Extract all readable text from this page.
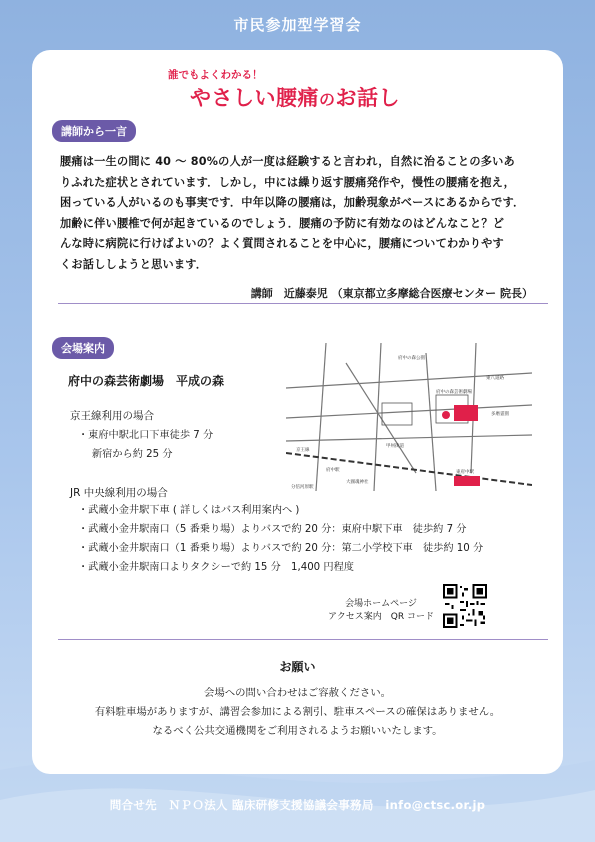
市民参加型学習会
誰でもよくわかる！
やさしい腰痛のお話し
講師から一言
腰痛は一生の間に 40 ～ 80%の人が一度は経験すると言われ，自然に治ることの多いあ
りふれた症状とされています．しかし，中には繰り返す腰痛発作や，慢性の腰痛を抱え，
困っている人がいるのも事実です．中年以降の腰痛は，加齢現象がベースにあるからです．
加齢に伴い腰椎で何が起きているのでしょう．腰痛の予防に有効なのはどんなこと？ど
んな時に病院に行けばよいの？よく質問されることを中心に，腰痛についてわかりやす
くお話ししようと思います．
講師　近藤泰児 （東京都立多摩総合医療センター 院長）
会場案内
府中の森芸術劇場　平成の森
京王線利用の場合
・東府中駅北口下車徒歩 7 分
新宿から約 25 分
JR 中央線利用の場合
・武蔵小金井駅下車 ( 詳しくはバス利用案内へ )
・武蔵小金井駅南口（5 番乗り場）よりバスで約 20 分：東府中駅下車　徒歩約 7 分
・武蔵小金井駅南口（1 番乗り場）よりバスで約 20 分：第二小学校下車　徒歩約 10 分
・武蔵小金井駅南口よりタクシーで約 15 分　1,400 円程度
府中の森公園
府中の森芸術劇場
東府中駅
府中駅
京王線
大國魂神社
甲州街道
東八道路
多磨霊園
分倍河原駅
会場ホームページ
アクセス案内　QR コード
お願い
会場への問い合わせはご容赦ください。
有料駐車場がありますが、講習会参加による割引、駐車スペースの確保はありません。
なるべく公共交通機関をご利用されるようお願いいたします。
問合せ先　ＮＰＯ法人 臨床研修支援協議会事務局　info@ctsc.or.jp
